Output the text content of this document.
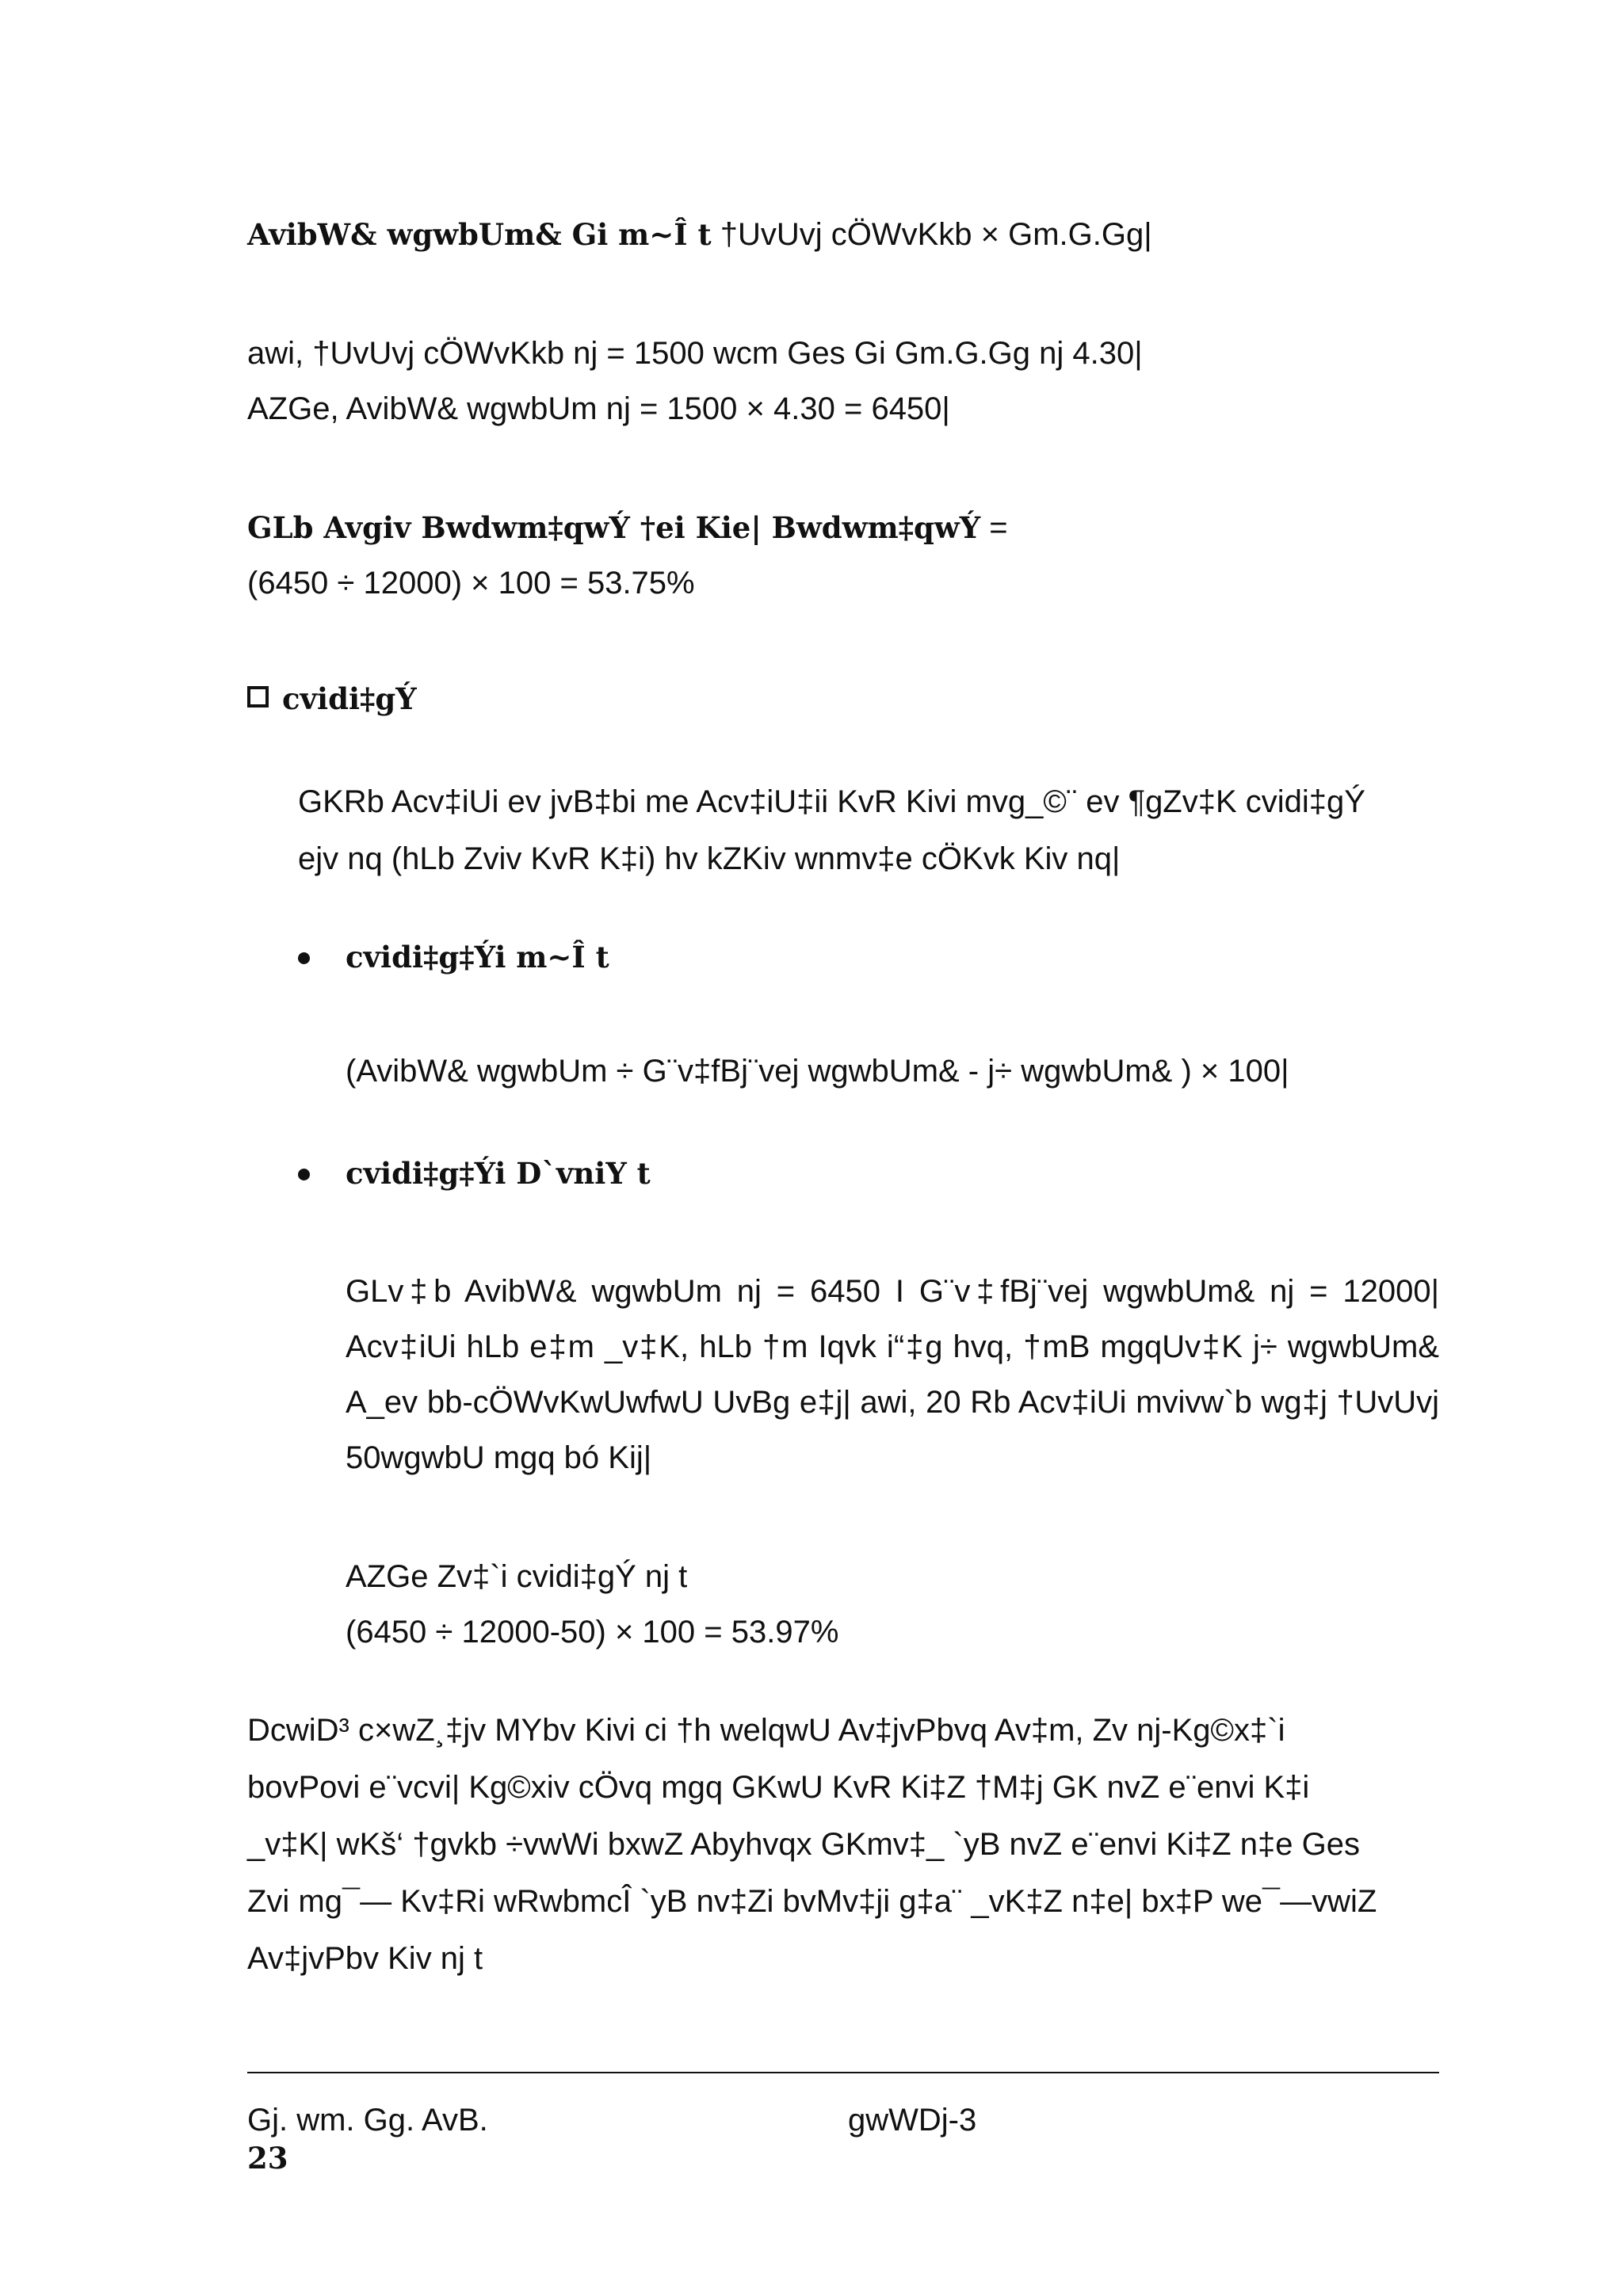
AvibW& wgwbUm& Gi m~Î t †UvUvj cÖWvKkb × Gm.G.Gg|
awi, †UvUvj cÖWvKkb nj = 1500 wcm Ges Gi Gm.G.Gg nj 4.30|
AZGe, AvibW& wgwbUm nj = 1500 × 4.30 = 6450|
GLb Avgiv Bwdwm‡qwÝ †ei Kie| Bwdwm‡qwÝ =
(6450 ÷ 12000) × 100 = 53.75%
cvidi‡gÝ
GKRb Acv‡iUi ev jvB‡bi me Acv‡iU‡ii KvR Kivi mvg_©¨ ev ¶gZv‡K cvidi‡gÝ
ejv nq (hLb Zviv KvR K‡i) hv kZKiv wnmv‡e cÖKvk Kiv nq|
cvidi‡g‡Ýi m~Î t
(AvibW& wgwbUm ÷ G¨v‡fBj¨vej wgwbUm& - j÷ wgwbUm& ) × 100|
cvidi‡g‡Ýi D`vniY t
GLv‡b AvibW& wgwbUm nj = 6450 I G¨v‡fBj¨vej wgwbUm& nj = 12000|
Acv‡iUi hLb e‡m _v‡K, hLb †m Iqvk i“‡g hvq, †mB mgqUv‡K j÷ wgwbUm&
A_ev bb-cÖWvKwUwfwU UvBg e‡j| awi, 20 Rb Acv‡iUi mvivw`b wg‡j †UvUvj
50wgwbU mgq bó Kij|
AZGe Zv‡`i cvidi‡gÝ nj t
(6450 ÷ 12000-50) × 100 = 53.97%
DcwiD³ c×wZ¸‡jv MYbv Kivi ci †h welqwU Av‡jvPbvq Av‡m, Zv nj-Kg©x‡`i
bovPovi e¨vcvi| Kg©xiv cÖvq mgq GKwU KvR Ki‡Z †M‡j GK nvZ e¨envi K‡i
_v‡K| wKš‘ †gvkb ÷vwWi bxwZ Abyhvqx GKmv‡_ `yB nvZ e¨envi Ki‡Z n‡e Ges
Zvi mg¯— Kv‡Ri wRwbmcÎ `yB nv‡Zi bvMv‡ji g‡a¨ _vK‡Z n‡e| bx‡P we¯—vwiZ
Av‡jvPbv Kiv nj t
Gj. wm. Gg. AvB.	gwWDj-3
23
